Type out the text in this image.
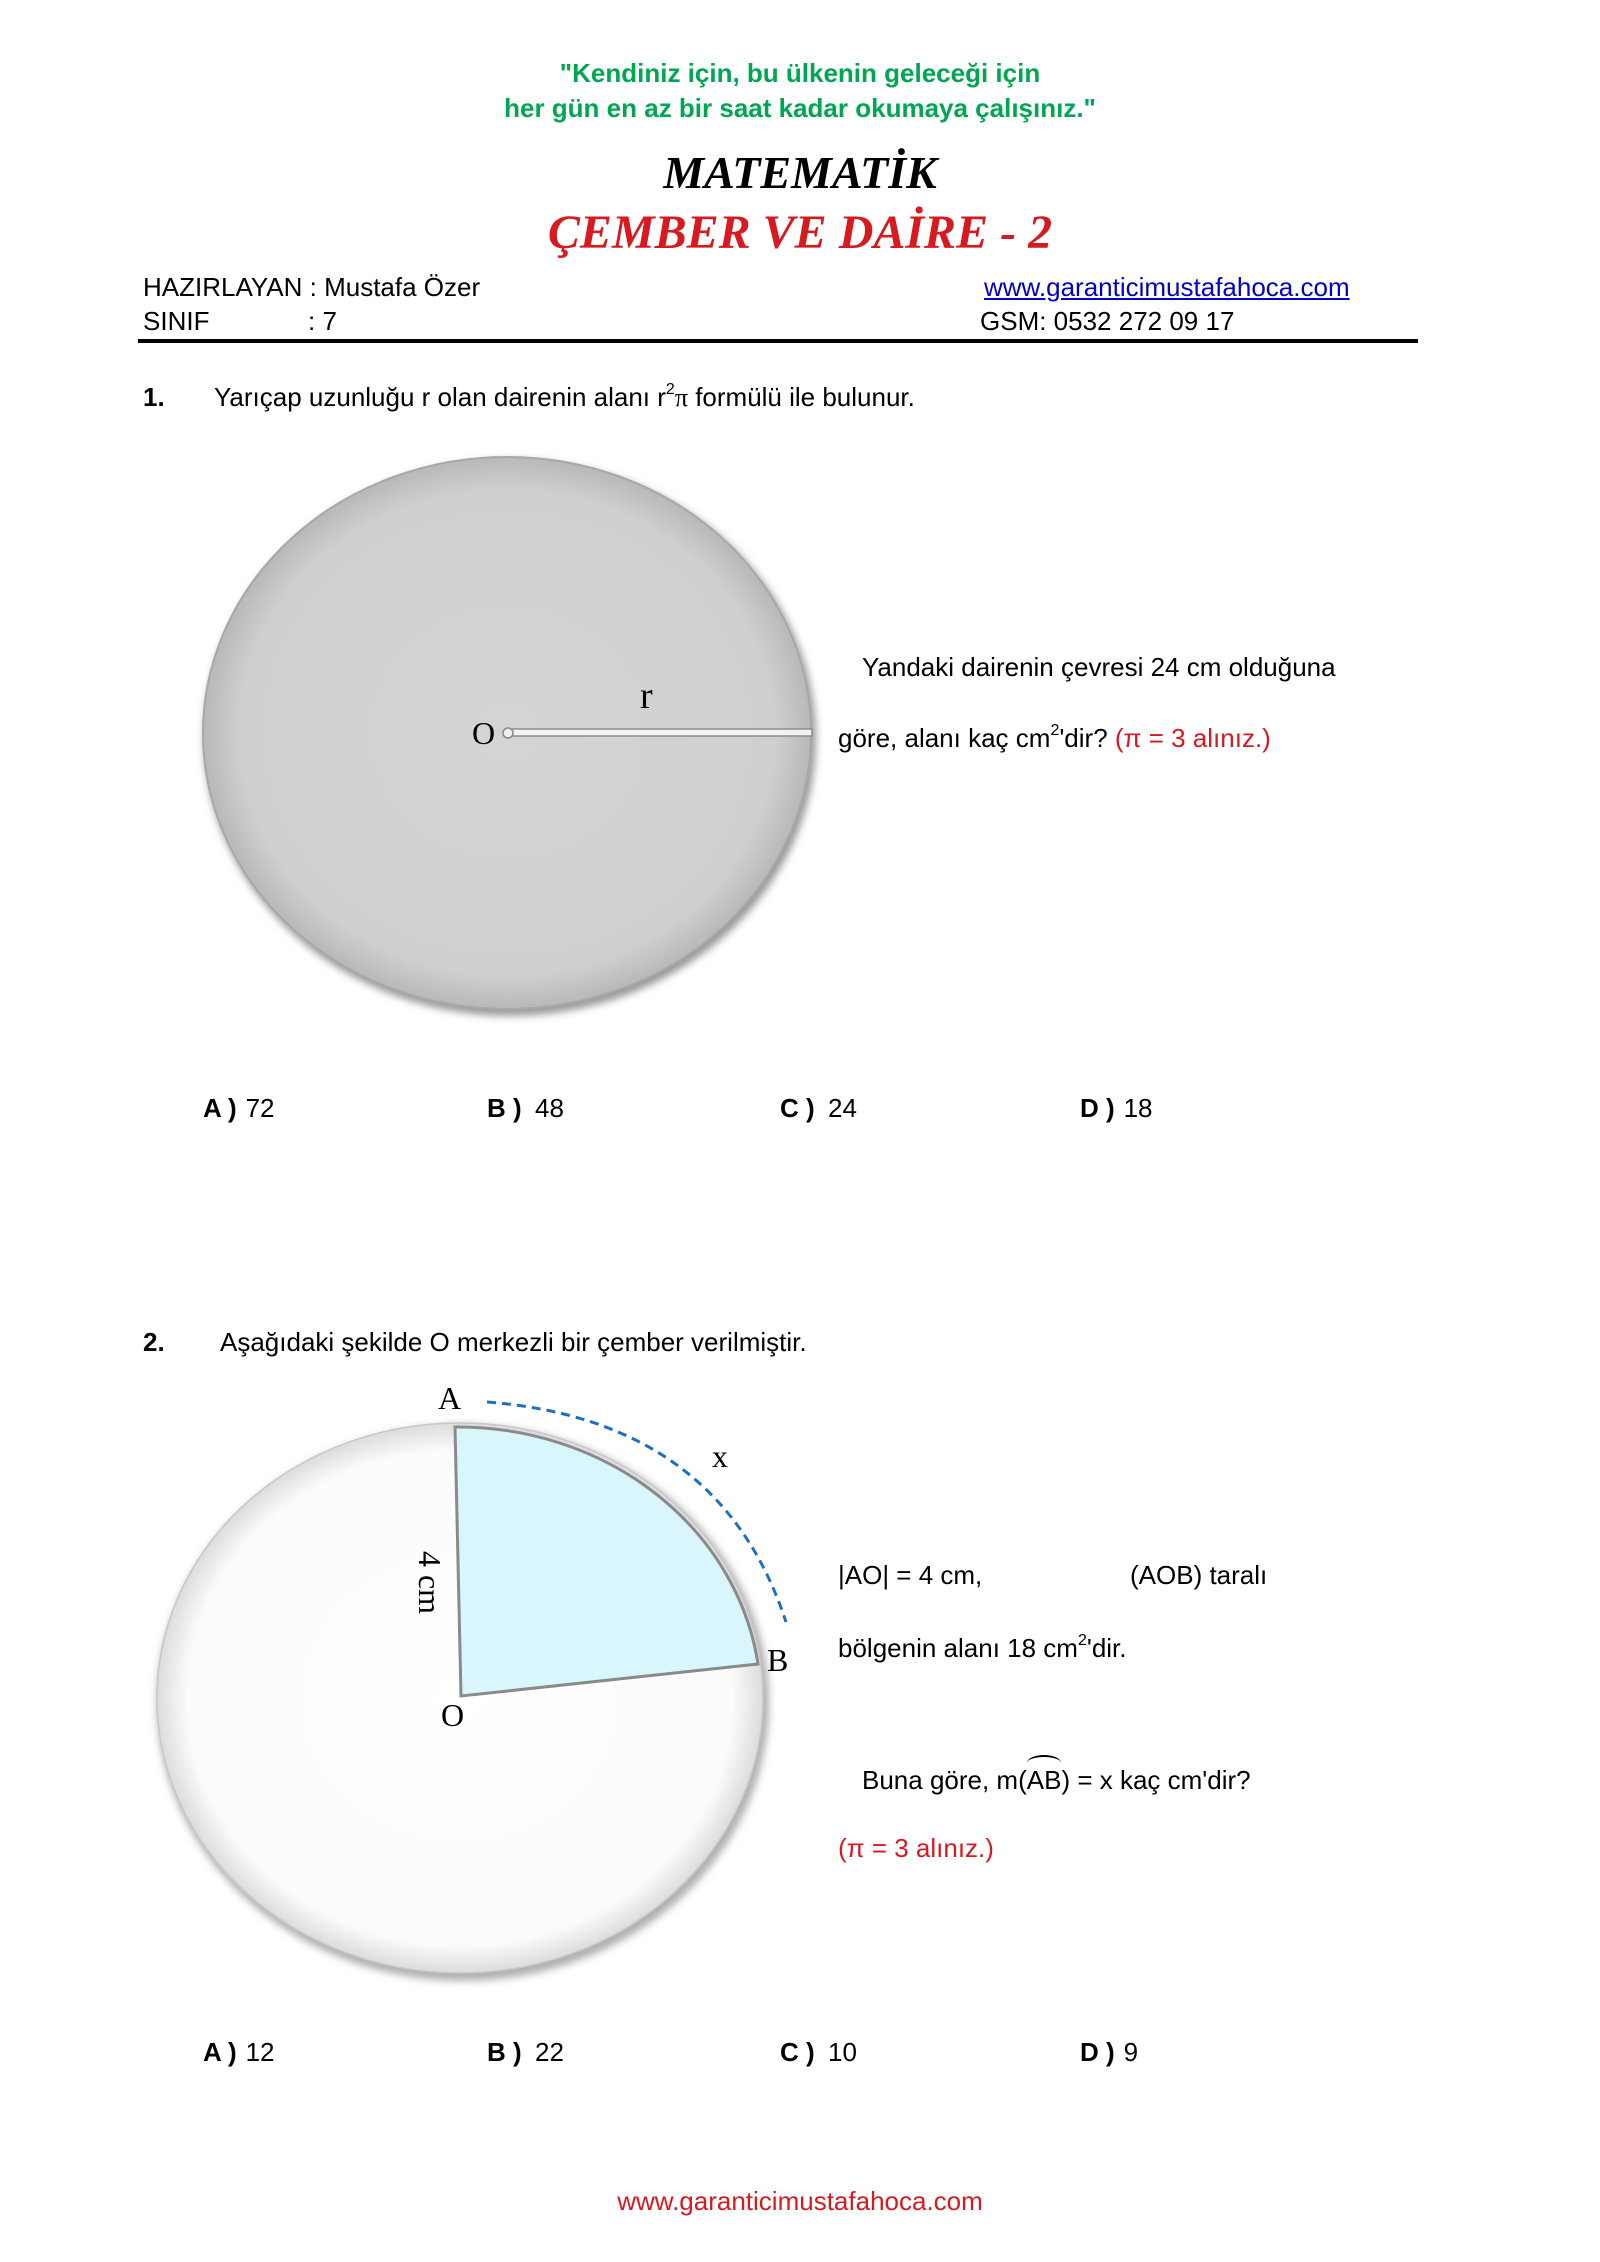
"Kendiniz için, bu ülkenin geleceği için
her gün en az bir saat kadar okumaya çalışınız."
MATEMATİK
ÇEMBER VE DAİRE - 2
HAZIRLAYAN : Mustafa Özer
SINIF	: 7
www.garanticimustafahoca.com
GSM: 0532 272 09 17
1. Yarıçap uzunluğu r olan dairenin alanı $r^2\pi$ formülü ile bulunur.
O
r
Yandaki dairenin çevresi 24 cm olduğuna
göre, alanı kaç $cm^2'dir$? (π = 3 alınız.)
A ) 72	B ) 48	C ) 24	D ) 18
2. Aşağıdaki şekilde O merkezli bir çember verilmiştir.
A
x
B
O
4 cm	|AO| = 4 cm,	(AOB) taralı
bölgenin alanı 18 $cm^2'dir$.
Buna göre, m(
AB) = x kaç cm'dir?
(π = 3 alınız.)
A ) 12	B ) 22	C ) 10	D ) 9
www.garanticimustafahoca.com
